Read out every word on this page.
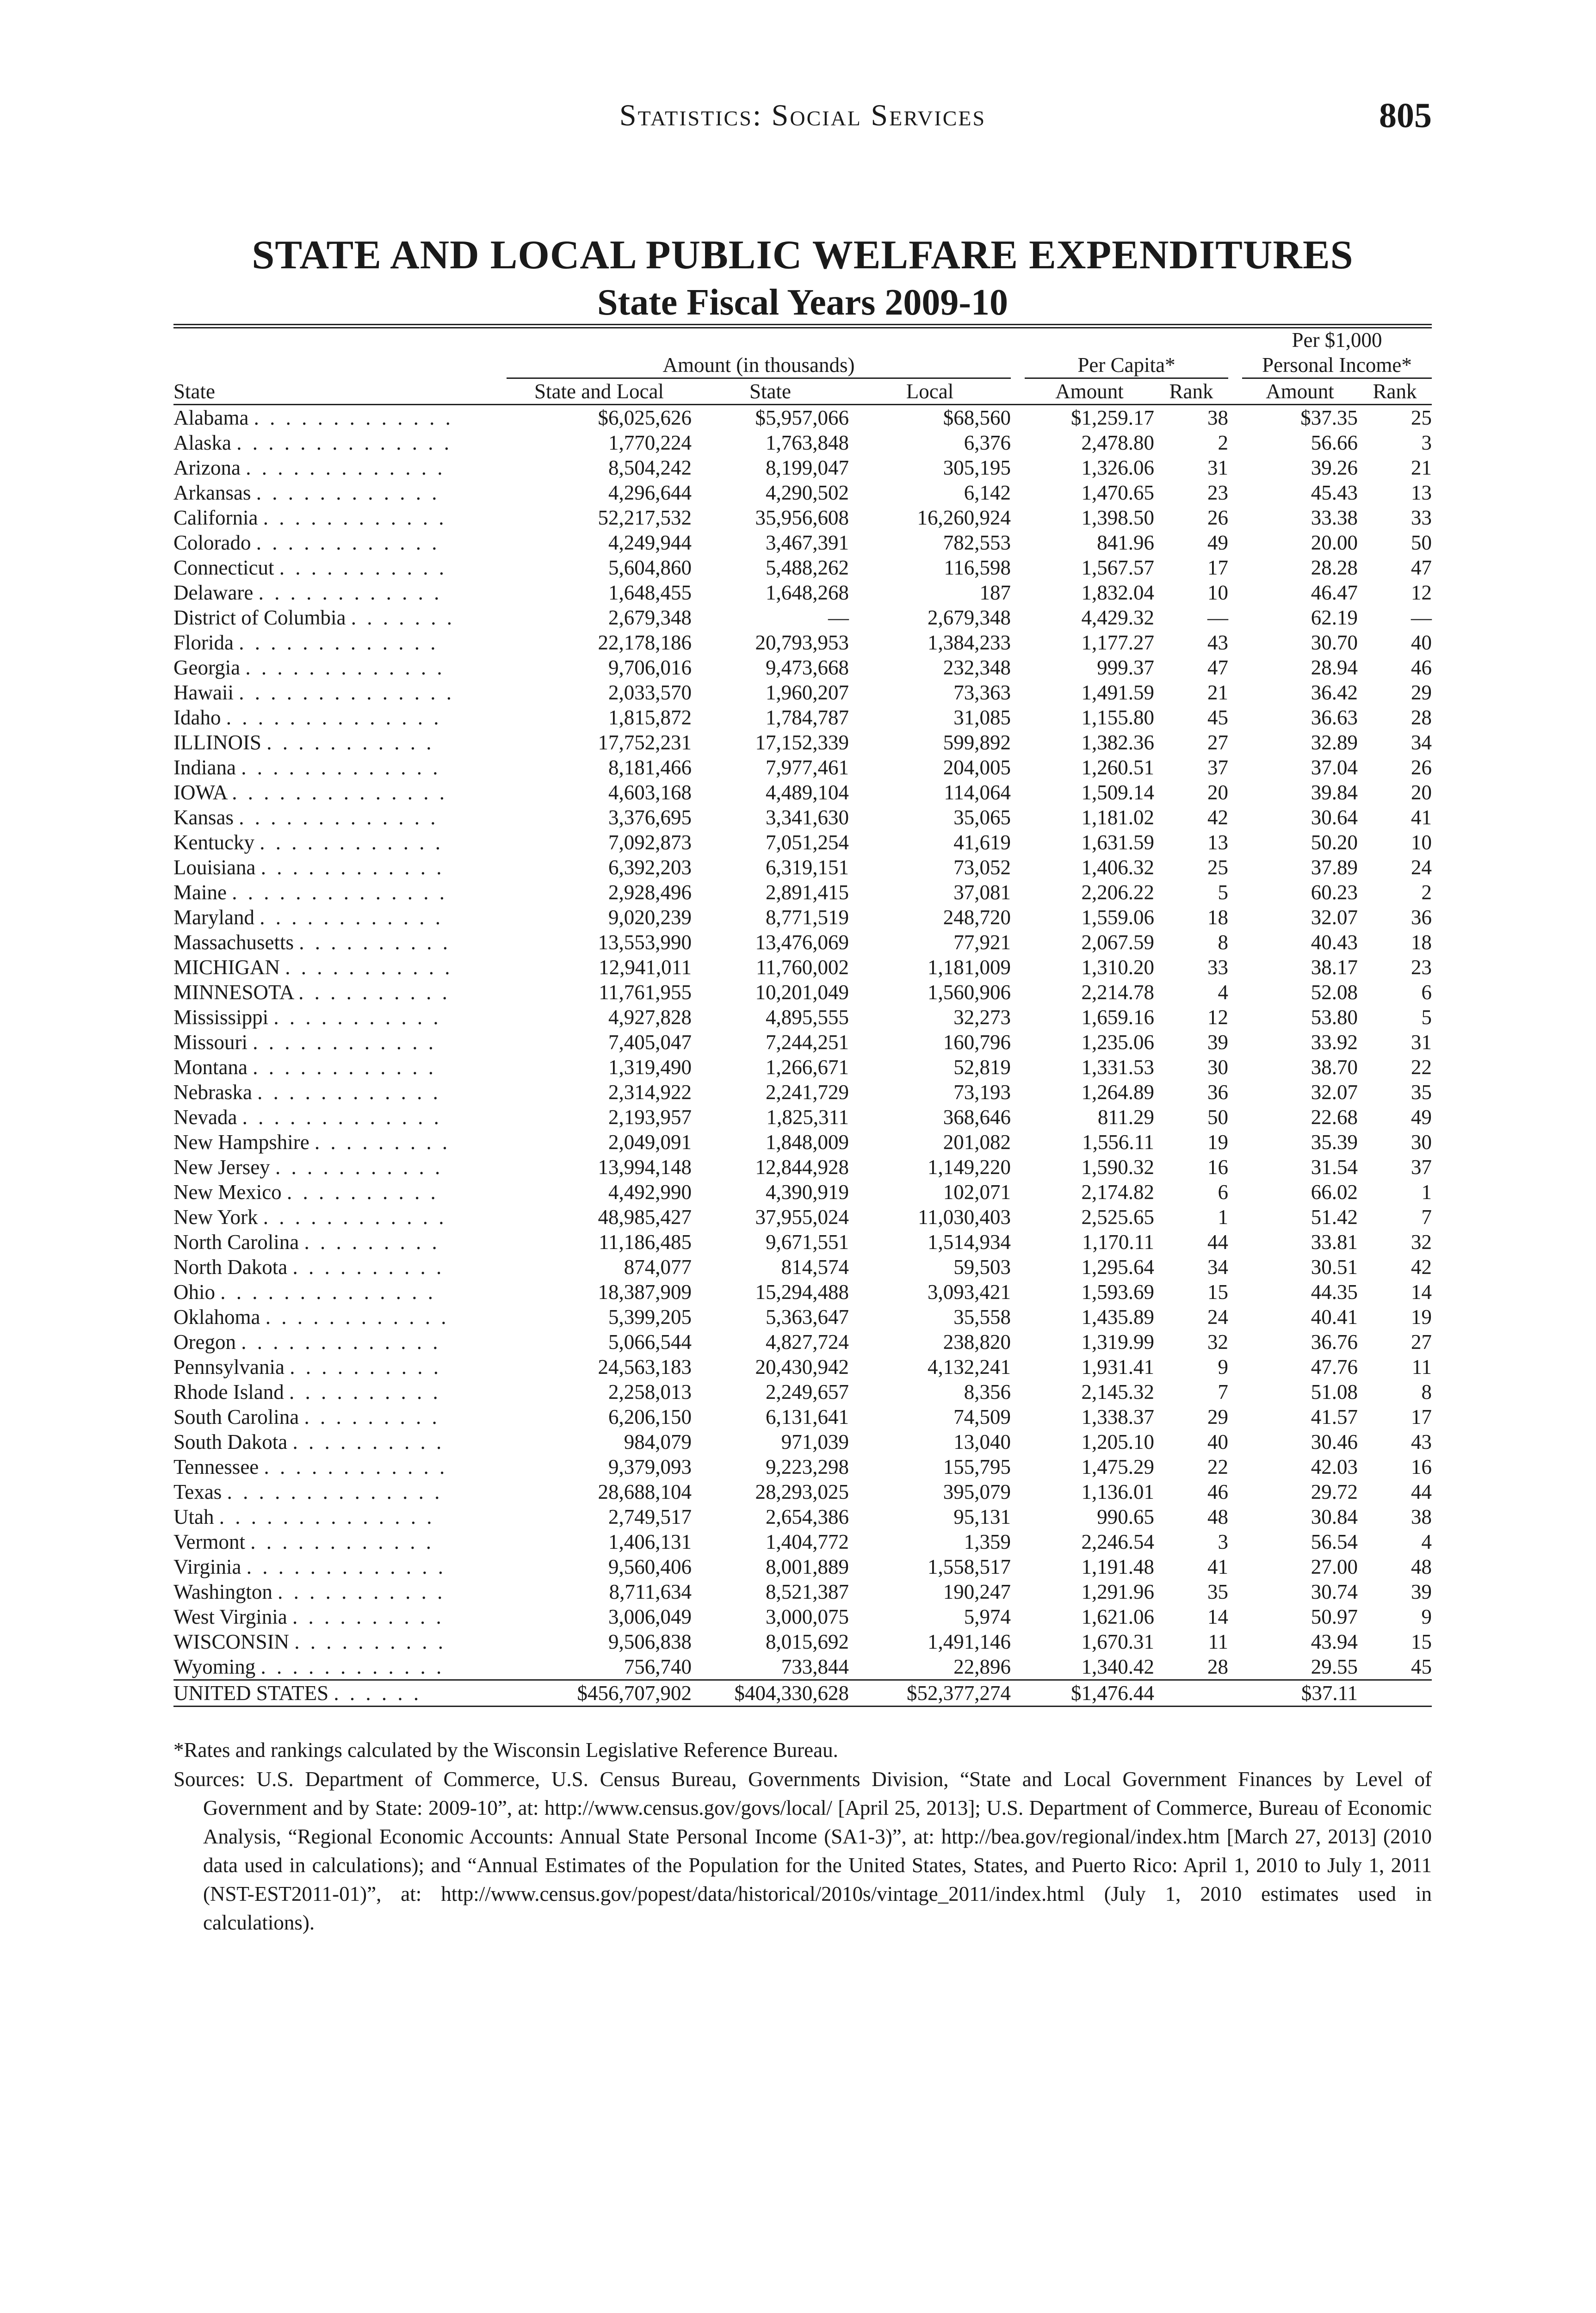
Statistics: Social Services	805
STATE AND LOCAL PUBLIC WELFARE EXPENDITURES
State Fiscal Years 2009-10
								Per $1,000	
	Amount (in thousands)				Per Capita*			Personal Income*	
State	State and Local	State	Local		Amount	Rank		Amount	Rank
Alabama . . . . . . . . . . . . .	$6,025,626	$5,957,066	$68,560		$1,259.17	38		$37.35	25
Alaska . . . . . . . . . . . . . .	1,770,224	1,763,848	6,376		2,478.80	2		56.66	3
Arizona . . . . . . . . . . . . .	8,504,242	8,199,047	305,195		1,326.06	31		39.26	21
Arkansas . . . . . . . . . . . .	4,296,644	4,290,502	6,142		1,470.65	23		45.43	13
California . . . . . . . . . . . .	52,217,532	35,956,608	16,260,924		1,398.50	26		33.38	33
Colorado . . . . . . . . . . . .	4,249,944	3,467,391	782,553		841.96	49		20.00	50
Connecticut . . . . . . . . . . .	5,604,860	5,488,262	116,598		1,567.57	17		28.28	47
Delaware . . . . . . . . . . . .	1,648,455	1,648,268	187		1,832.04	10		46.47	12
District of Columbia . . . . . . .	2,679,348	—	2,679,348		4,429.32	—		62.19	—
Florida . . . . . . . . . . . . .	22,178,186	20,793,953	1,384,233		1,177.27	43		30.70	40
Georgia . . . . . . . . . . . . .	9,706,016	9,473,668	232,348		999.37	47		28.94	46
Hawaii . . . . . . . . . . . . . .	2,033,570	1,960,207	73,363		1,491.59	21		36.42	29
Idaho . . . . . . . . . . . . . .	1,815,872	1,784,787	31,085		1,155.80	45		36.63	28
ILLINOIS . . . . . . . . . . .	17,752,231	17,152,339	599,892		1,382.36	27		32.89	34
Indiana . . . . . . . . . . . . .	8,181,466	7,977,461	204,005		1,260.51	37		37.04	26
IOWA . . . . . . . . . . . . . .	4,603,168	4,489,104	114,064		1,509.14	20		39.84	20
Kansas . . . . . . . . . . . . .	3,376,695	3,341,630	35,065		1,181.02	42		30.64	41
Kentucky . . . . . . . . . . . .	7,092,873	7,051,254	41,619		1,631.59	13		50.20	10
Louisiana . . . . . . . . . . . .	6,392,203	6,319,151	73,052		1,406.32	25		37.89	24
Maine . . . . . . . . . . . . . .	2,928,496	2,891,415	37,081		2,206.22	5		60.23	2
Maryland . . . . . . . . . . . .	9,020,239	8,771,519	248,720		1,559.06	18		32.07	36
Massachusetts . . . . . . . . . .	13,553,990	13,476,069	77,921		2,067.59	8		40.43	18
MICHIGAN . . . . . . . . . . .	12,941,011	11,760,002	1,181,009		1,310.20	33		38.17	23
MINNESOTA . . . . . . . . . .	11,761,955	10,201,049	1,560,906		2,214.78	4		52.08	6
Mississippi . . . . . . . . . . .	4,927,828	4,895,555	32,273		1,659.16	12		53.80	5
Missouri . . . . . . . . . . . .	7,405,047	7,244,251	160,796		1,235.06	39		33.92	31
Montana . . . . . . . . . . . .	1,319,490	1,266,671	52,819		1,331.53	30		38.70	22
Nebraska . . . . . . . . . . . .	2,314,922	2,241,729	73,193		1,264.89	36		32.07	35
Nevada . . . . . . . . . . . . .	2,193,957	1,825,311	368,646		811.29	50		22.68	49
New Hampshire . . . . . . . . .	2,049,091	1,848,009	201,082		1,556.11	19		35.39	30
New Jersey . . . . . . . . . . .	13,994,148	12,844,928	1,149,220		1,590.32	16		31.54	37
New Mexico . . . . . . . . . .	4,492,990	4,390,919	102,071		2,174.82	6		66.02	1
New York . . . . . . . . . . . .	48,985,427	37,955,024	11,030,403		2,525.65	1		51.42	7
North Carolina . . . . . . . . .	11,186,485	9,671,551	1,514,934		1,170.11	44		33.81	32
North Dakota . . . . . . . . . .	874,077	814,574	59,503		1,295.64	34		30.51	42
Ohio . . . . . . . . . . . . . .	18,387,909	15,294,488	3,093,421		1,593.69	15		44.35	14
Oklahoma . . . . . . . . . . . .	5,399,205	5,363,647	35,558		1,435.89	24		40.41	19
Oregon . . . . . . . . . . . . .	5,066,544	4,827,724	238,820		1,319.99	32		36.76	27
Pennsylvania . . . . . . . . . .	24,563,183	20,430,942	4,132,241		1,931.41	9		47.76	11
Rhode Island . . . . . . . . . .	2,258,013	2,249,657	8,356		2,145.32	7		51.08	8
South Carolina . . . . . . . . .	6,206,150	6,131,641	74,509		1,338.37	29		41.57	17
South Dakota . . . . . . . . . .	984,079	971,039	13,040		1,205.10	40		30.46	43
Tennessee . . . . . . . . . . . .	9,379,093	9,223,298	155,795		1,475.29	22		42.03	16
Texas . . . . . . . . . . . . . .	28,688,104	28,293,025	395,079		1,136.01	46		29.72	44
Utah . . . . . . . . . . . . . .	2,749,517	2,654,386	95,131		990.65	48		30.84	38
Vermont . . . . . . . . . . . .	1,406,131	1,404,772	1,359		2,246.54	3		56.54	4
Virginia . . . . . . . . . . . . .	9,560,406	8,001,889	1,558,517		1,191.48	41		27.00	48
Washington . . . . . . . . . . .	8,711,634	8,521,387	190,247		1,291.96	35		30.74	39
West Virginia . . . . . . . . . .	3,006,049	3,000,075	5,974		1,621.06	14		50.97	9
WISCONSIN . . . . . . . . . .	9,506,838	8,015,692	1,491,146		1,670.31	11		43.94	15
Wyoming . . . . . . . . . . . .	756,740	733,844	22,896		1,340.42	28		29.55	45
UNITED STATES . . . . . .	$456,707,902	$404,330,628	$52,377,274		$1,476.44			$37.11	
*Rates and rankings calculated by the Wisconsin Legislative Reference Bureau.
Sources: U.S. Department of Commerce, U.S. Census Bureau, Governments Division, “State and Local Government Finances by Level of Government and by State: 2009-10”, at: http://www.census.gov/govs/local/ [April 25, 2013]; U.S. Department of Commerce, Bureau of Economic Analysis, “Regional Economic Accounts: Annual State Personal Income (SA1-3)”, at: http://bea.gov/regional/index.htm [March 27, 2013] (2010 data used in calculations); and “Annual Estimates of the Population for the United States, States, and Puerto Rico: April 1, 2010 to July 1, 2011 (NST-EST2011-01)”, at: http://www.census.gov/popest/data/historical/2010s/vintage_2011/index.html (July 1, 2010 estimates used in calculations).
